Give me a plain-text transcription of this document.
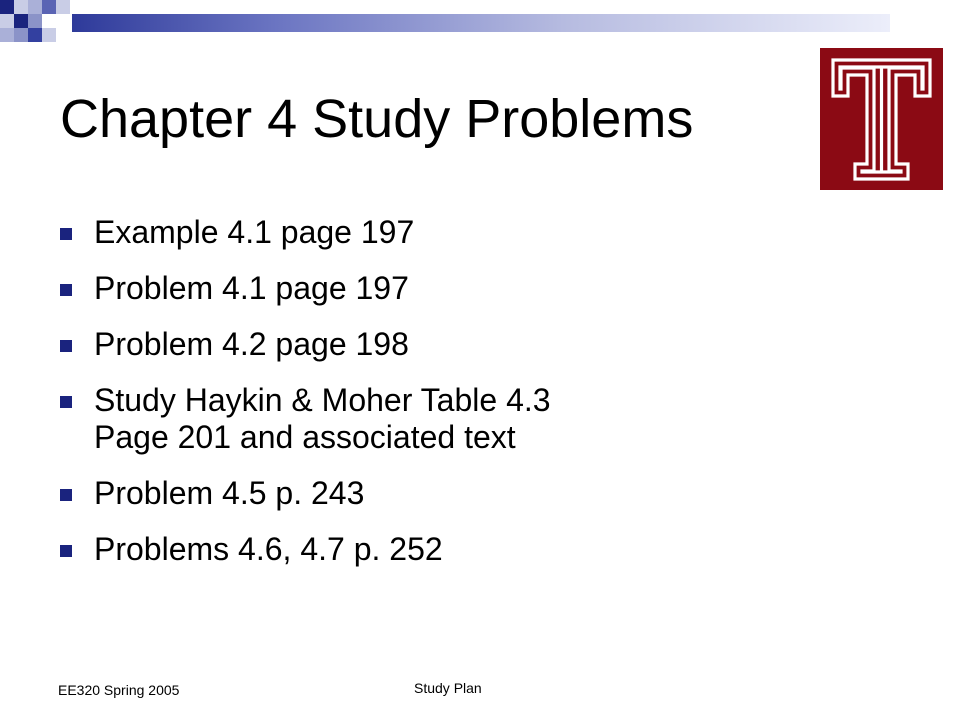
Chapter 4 Study Problems
Example 4.1 page 197
Problem 4.1 page 197
Problem 4.2 page 198
Study Haykin & Moher Table 4.3
Page 201 and associated text
Problem 4.5 p. 243
Problems 4.6, 4.7 p. 252
EE320 Spring 2005	Study Plan
